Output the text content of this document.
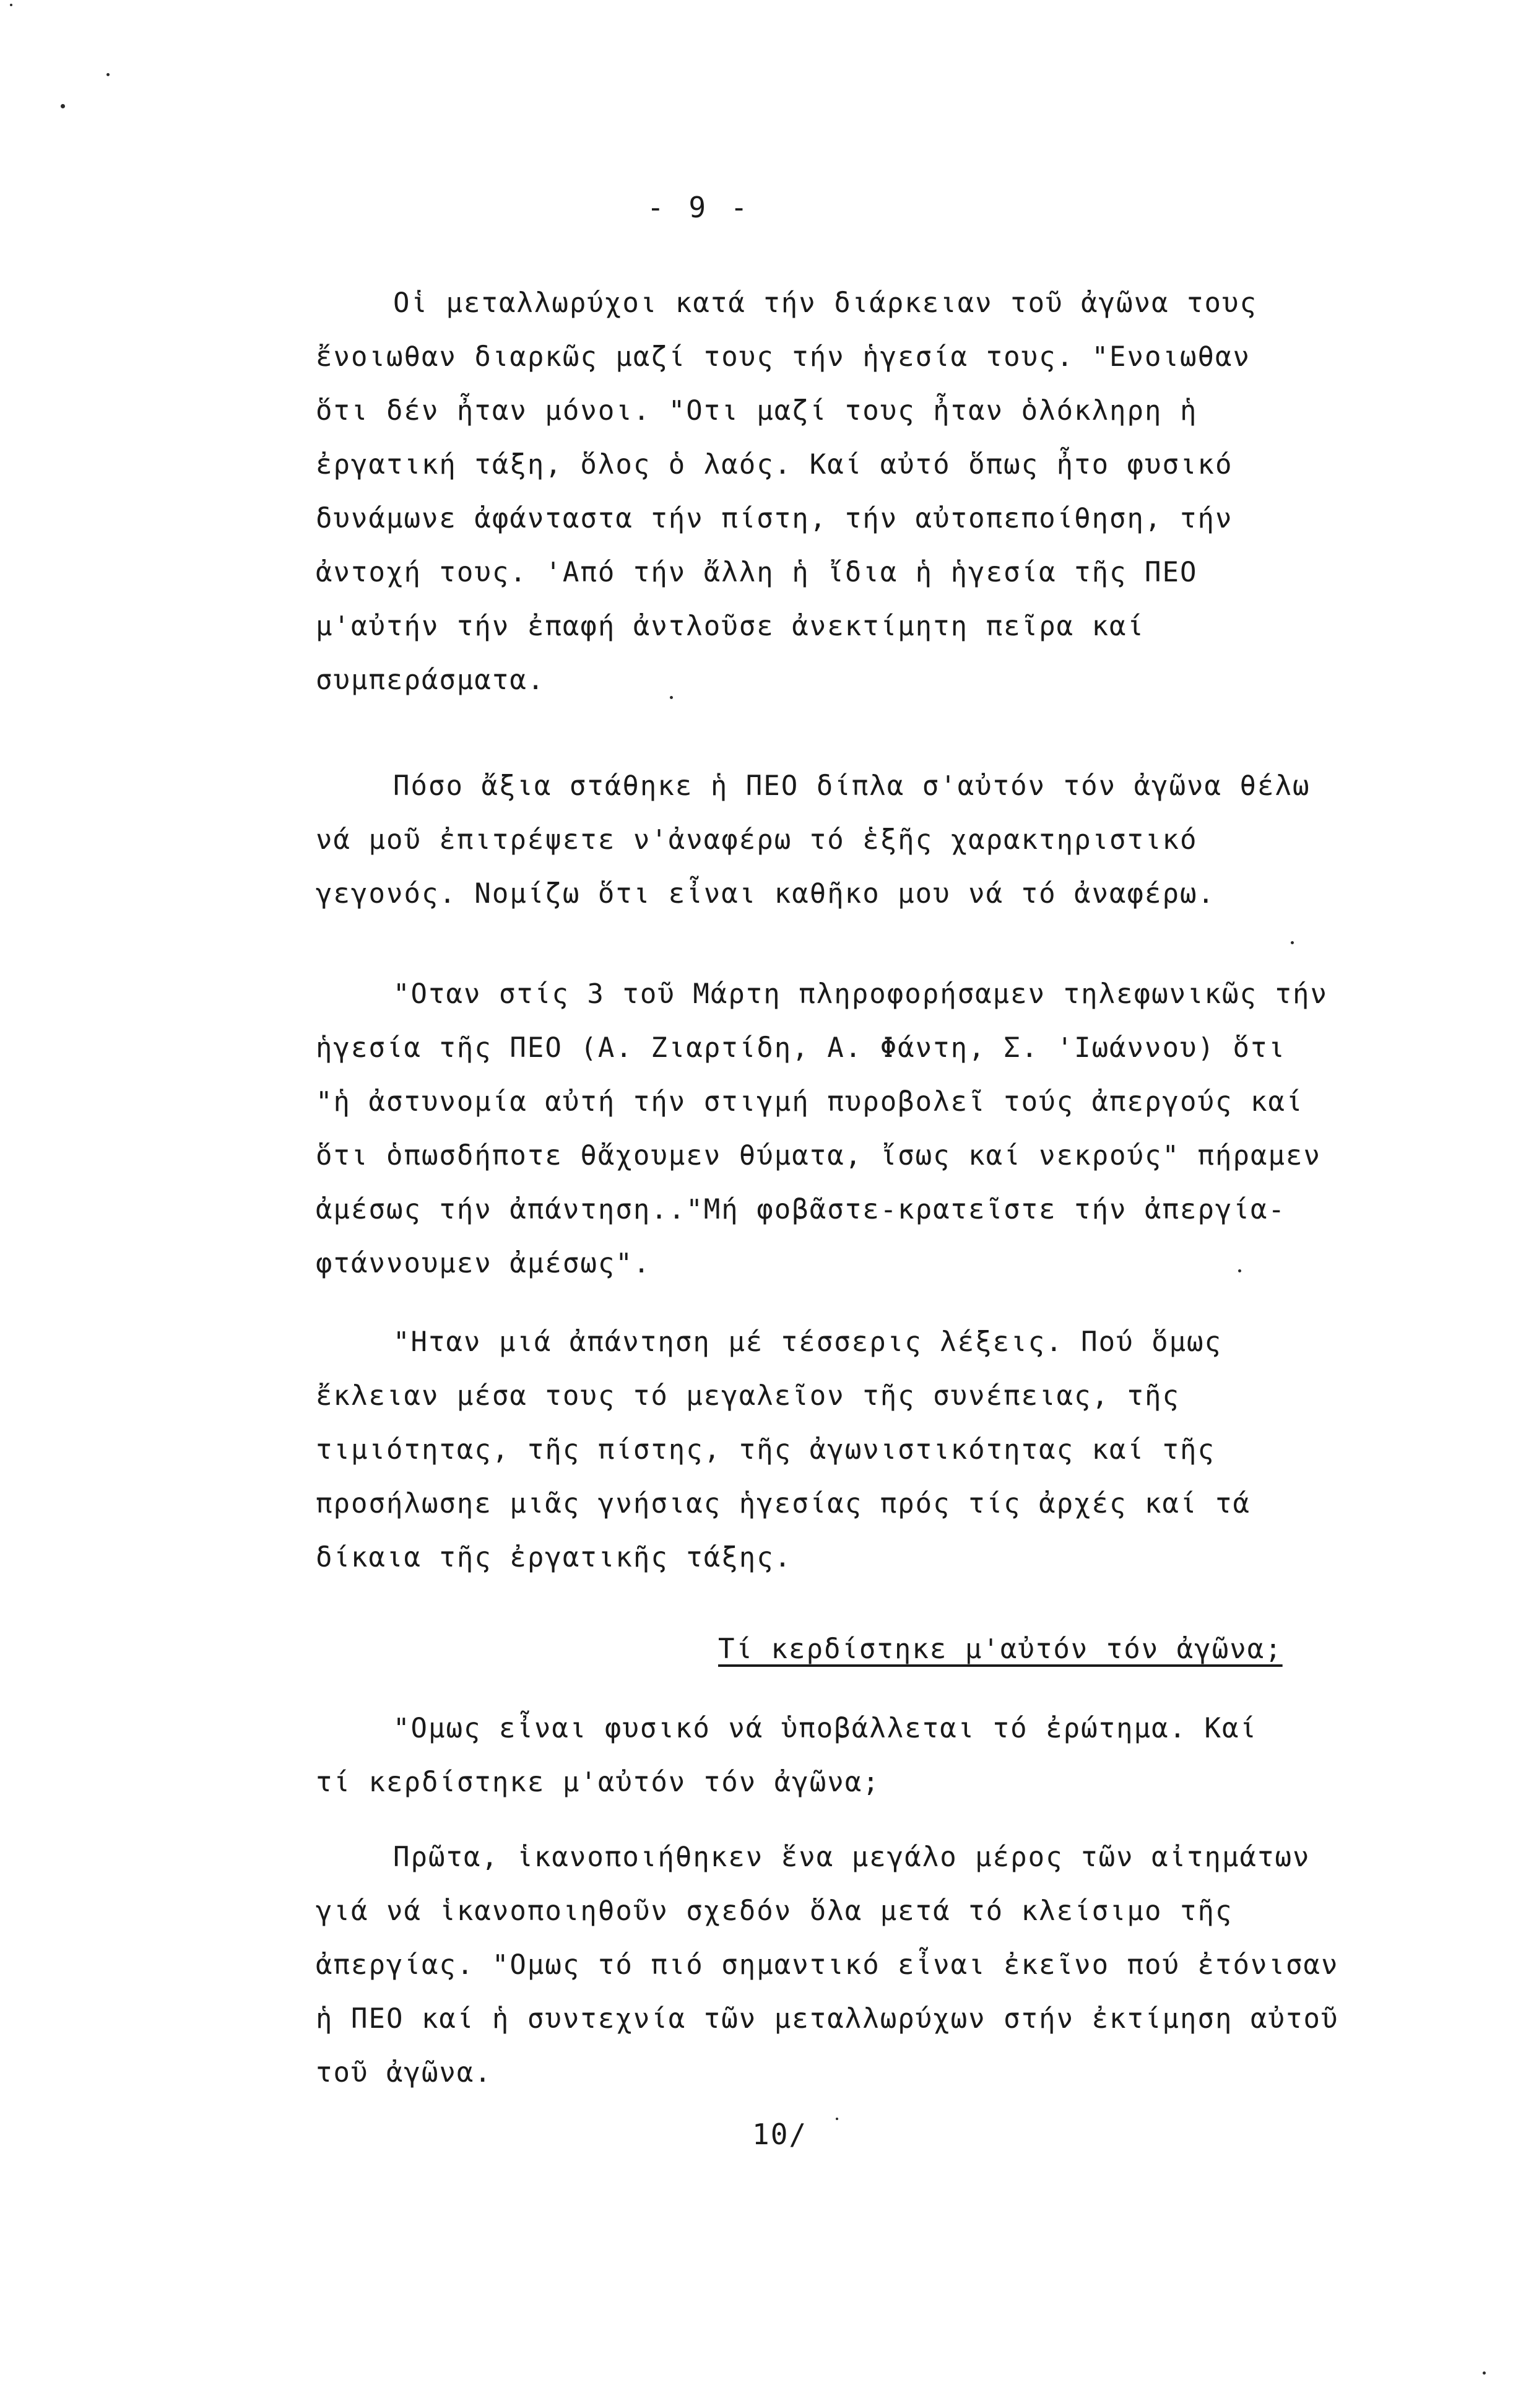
- 9 -
Οἱ μεταλλωρύχοι κατά τήν διάρκειαν τοῦ ἀγῶνα τους
ἔνοιωθαν διαρκῶς μαζί τους τήν ἡγεσία τους. "Ενοιωθαν
ὅτι δέν ἦταν μόνοι. "Οτι μαζί τους ἦταν ὁλόκληρη ἡ
ἐργατική τάξη, ὅλος ὁ λαός. Καί αὐτό ὅπως ἦτο φυσικό
δυνάμωνε ἀφάνταστα τήν πίστη, τήν αὐτοπεποίθηση, τήν
ἀντοχή τους. 'Από τήν ἄλλη ἡ ἴδια ἡ ἡγεσία τῆς ΠΕΟ
μ'αὐτήν τήν ἐπαφή ἀντλοῦσε ἀνεκτίμητη πεῖρα καί
συμπεράσματα.
Πόσο ἄξια στάθηκε ἡ ΠΕΟ δίπλα σ'αὐτόν τόν ἀγῶνα θέλω
νά μοῦ ἐπιτρέψετε ν'ἀναφέρω τό ἑξῆς χαρακτηριστικό
γεγονός. Νομίζω ὅτι εἶναι καθῆκο μου νά τό ἀναφέρω.
"Οταν στίς 3 τοῦ Μάρτη πληροφορήσαμεν τηλεφωνικῶς τήν
ἡγεσία τῆς ΠΕΟ (Α. Ζιαρτίδη, Α. Φάντη, Σ. 'Ιωάννου) ὅτι
"ἡ ἀστυνομία αὐτή τήν στιγμή πυροβολεῖ τούς ἀπεργούς καί
ὅτι ὁπωσδήποτε θἄχουμεν θύματα, ἴσως καί νεκρούς" πήραμεν
ἀμέσως τήν ἀπάντηση.."Μή φοβᾶστε-κρατεῖστε τήν ἀπεργία-
φτάννουμεν ἀμέσως".
"Ηταν μιά ἀπάντηση μέ τέσσερις λέξεις. Πού ὅμως
ἔκλειαν μέσα τους τό μεγαλεῖον τῆς συνέπειας, τῆς
τιμιότητας, τῆς πίστης, τῆς ἀγωνιστικότητας καί τῆς
προσήλωσηε μιᾶς γνήσιας ἡγεσίας πρός τίς ἀρχές καί τά
δίκαια τῆς ἐργατικῆς τάξης.
Τί κερδίστηκε μ'αὐτόν τόν ἀγῶνα;
"Ομως εἶναι φυσικό νά ὑποβάλλεται τό ἐρώτημα. Καί
τί κερδίστηκε μ'αὐτόν τόν ἀγῶνα;
Πρῶτα, ἱκανοποιήθηκεν ἕνα μεγάλο μέρος τῶν αἰτημάτων
γιά νά ἱκανοποιηθοῦν σχεδόν ὅλα μετά τό κλείσιμο τῆς
ἀπεργίας. "Ομως τό πιό σημαντικό εἶναι ἐκεῖνο πού ἐτόνισαν
ἡ ΠΕΟ καί ἡ συντεχνία τῶν μεταλλωρύχων στήν ἐκτίμηση αὐτοῦ
τοῦ ἀγῶνα.
10/
